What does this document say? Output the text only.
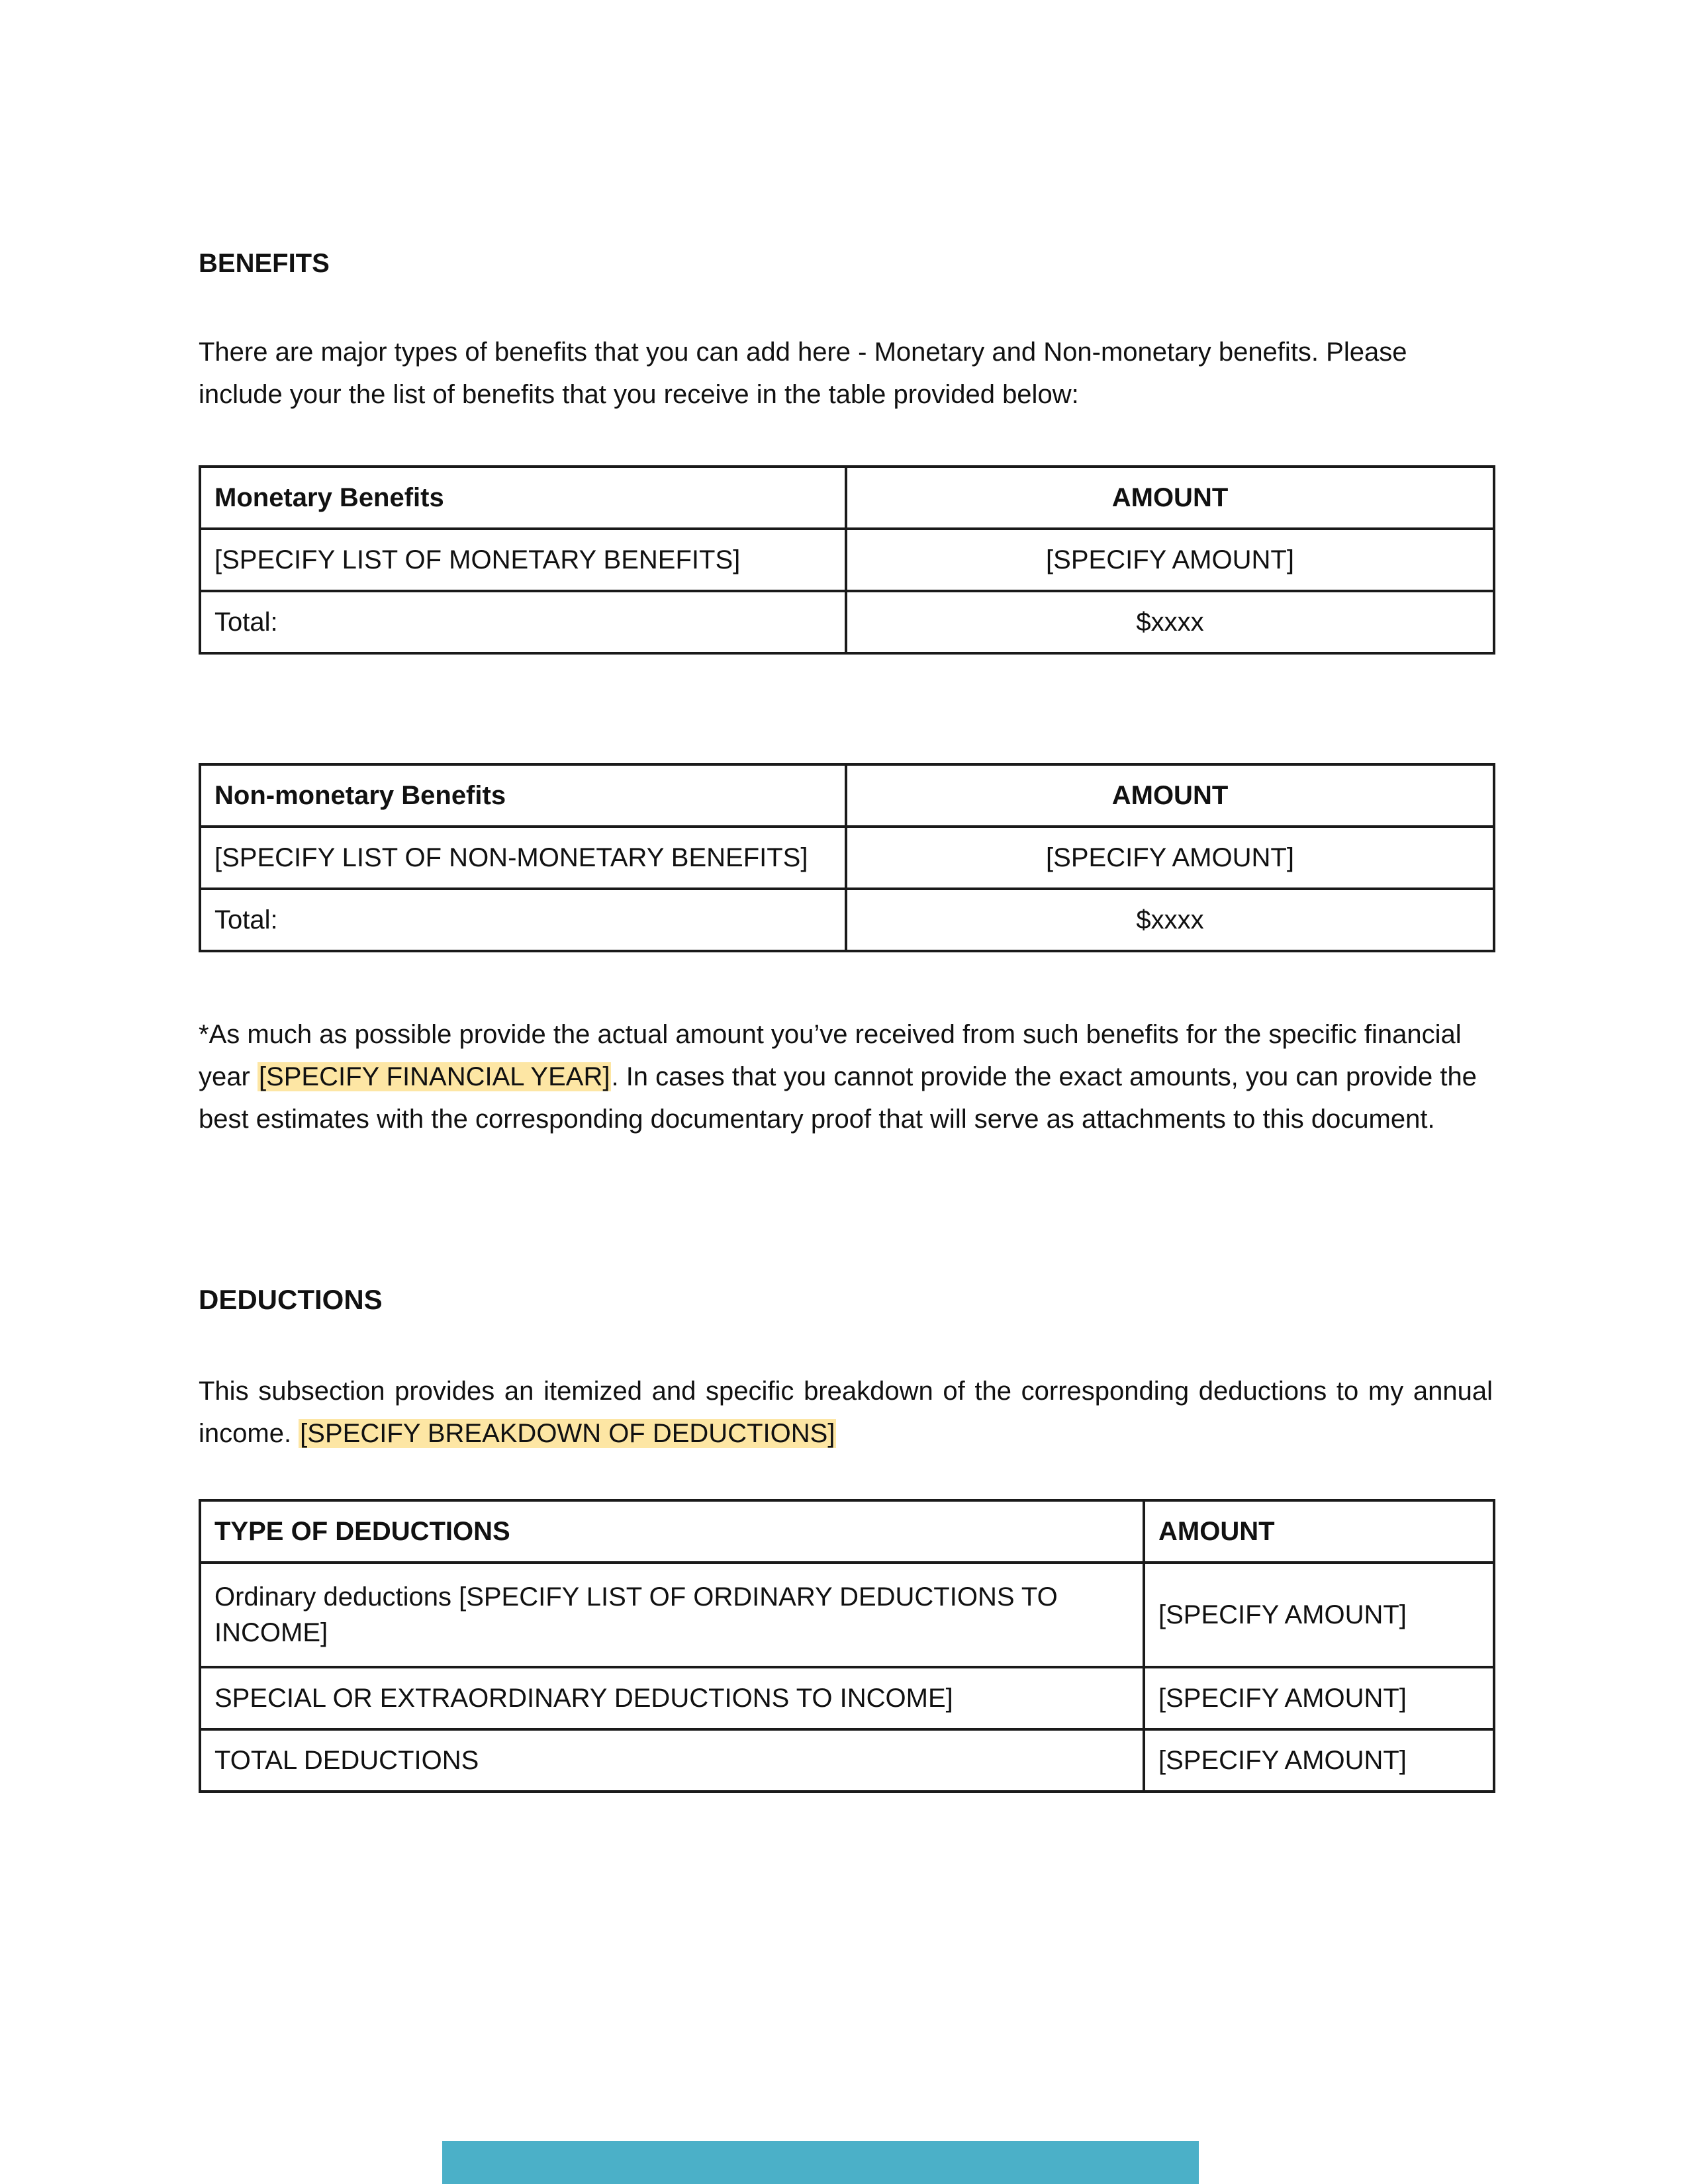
BENEFITS
There are major types of benefits that you can add here - Monetary and Non-monetary benefits. Please include your the list of benefits that you receive in the table provided below:
Monetary Benefits	AMOUNT
[SPECIFY LIST OF MONETARY BENEFITS]	[SPECIFY AMOUNT]
Total:	$xxxx
Non-monetary Benefits	AMOUNT
[SPECIFY LIST OF NON-MONETARY BENEFITS]	[SPECIFY AMOUNT]
Total:	$xxxx
*As much as possible provide the actual amount you’ve received from such benefits for the specific financial year [SPECIFY FINANCIAL YEAR]. In cases that you cannot provide the exact amounts, you can provide the best estimates with the corresponding documentary proof that will serve as attachments to this document.
DEDUCTIONS
This subsection provides an itemized and specific breakdown of the corresponding deductions to my annual income. [SPECIFY BREAKDOWN OF DEDUCTIONS]
TYPE OF DEDUCTIONS	AMOUNT
Ordinary deductions [SPECIFY LIST OF ORDINARY DEDUCTIONS TO INCOME]	[SPECIFY AMOUNT]
SPECIAL OR EXTRAORDINARY DEDUCTIONS TO INCOME]	[SPECIFY AMOUNT]
TOTAL DEDUCTIONS	[SPECIFY AMOUNT]
